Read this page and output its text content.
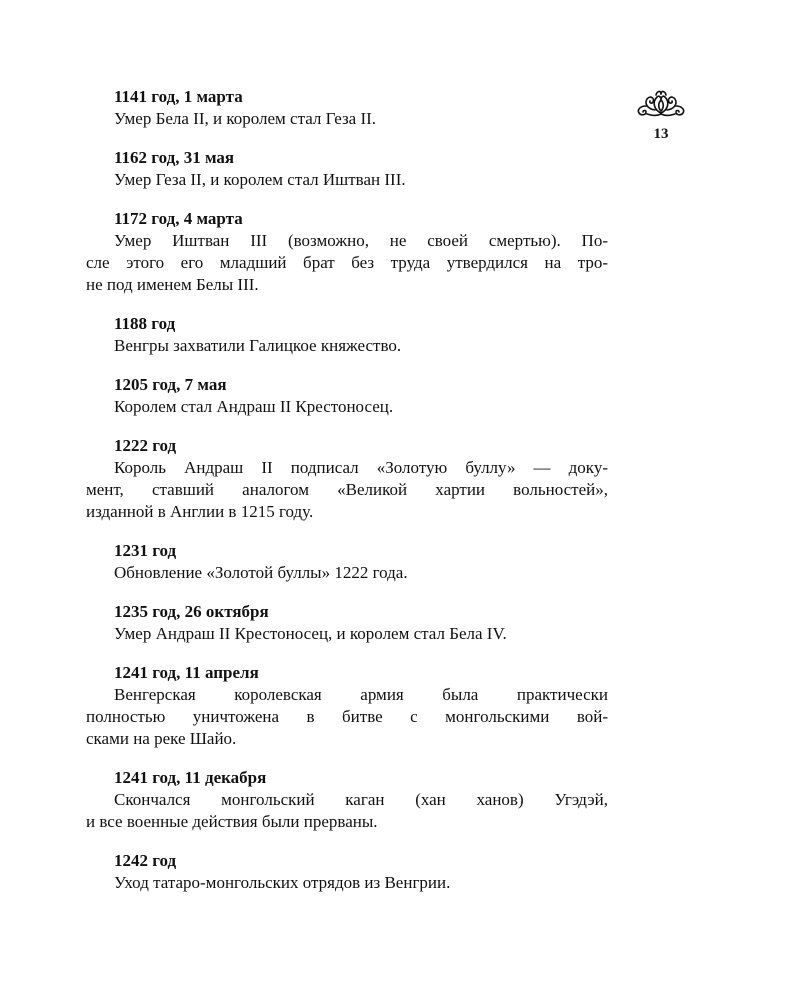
13

1141 год, 1 марта

Умер Бела II, и королем стал Геза II.

1162 год, 31 мая

Умер Геза II, и королем стал Иштван III.

1172 год, 4 марта

Умер Иштван III (возможно, не своей смертью). По-
сле этого его младший брат без труда утвердился на тро-
не под именем Белы III.

1188 год

Венгры захватили Галицкое княжество.

1205 год, 7 мая

Королем стал Андраш II Крестоносец.

1222 год

Король Андраш II подписал «Золотую буллу» — доку-
мент, ставший аналогом «Великой хартии вольностей»,
изданной в Англии в 1215 году.

1231 год

Обновление «Золотой буллы» 1222 года.

1235 год, 26 октября

Умер Андраш II Крестоносец, и королем стал Бела IV.

1241 год, 11 апреля

Венгерская королевская армия была практически
полностью уничтожена в битве с монгольскими вой-
сками на реке Шайо.

1241 год, 11 декабря

Скончался монгольский каган (хан ханов) Угэдэй,
и все военные действия были прерваны.

1242 год

Уход татаро-монгольских отрядов из Венгрии.
